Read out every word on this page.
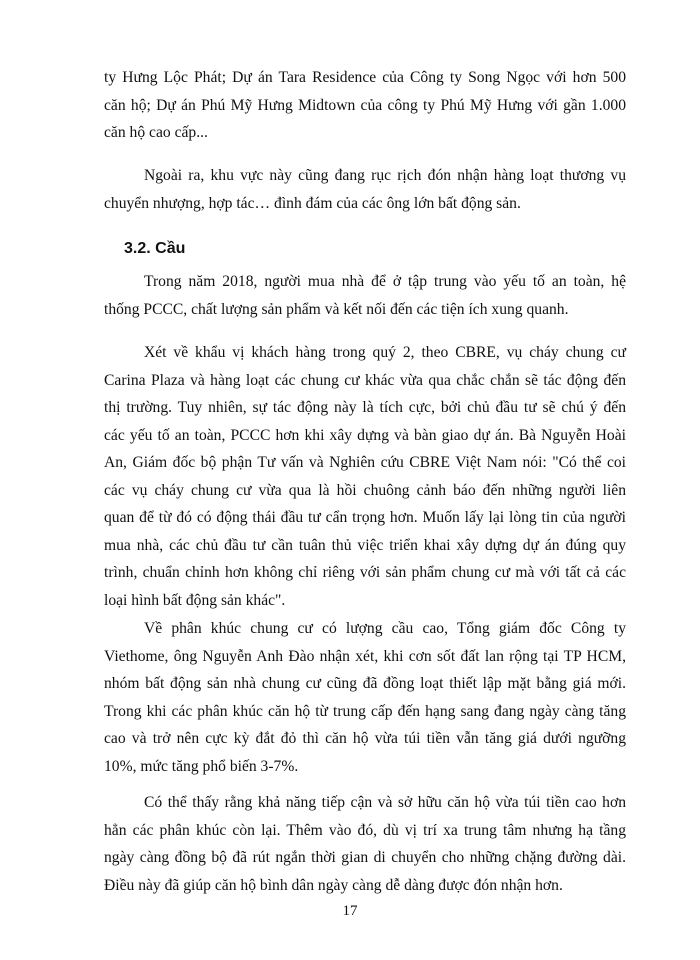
ty Hưng Lộc Phát; Dự án Tara Residence của Công ty Song Ngọc với hơn 500
căn hộ; Dự án Phú Mỹ Hưng Midtown của công ty Phú Mỹ Hưng với gần 1.000
căn hộ cao cấp...
Ngoài ra, khu vực này cũng đang rục rịch đón nhận hàng loạt thương vụ
chuyển nhượng, hợp tác… đình đám của các ông lớn bất động sản.
3.2. Cầu
Trong năm 2018, người mua nhà để ở tập trung vào yếu tố an toàn, hệ
thống PCCC, chất lượng sản phẩm và kết nối đến các tiện ích xung quanh.
Xét về khẩu vị khách hàng trong quý 2, theo CBRE, vụ cháy chung cư
Carina Plaza và hàng loạt các chung cư khác vừa qua chắc chắn sẽ tác động đến
thị trường. Tuy nhiên, sự tác động này là tích cực, bởi chủ đầu tư sẽ chú ý đến
các yếu tố an toàn, PCCC hơn khi xây dựng và bàn giao dự án. Bà Nguyễn Hoài
An, Giám đốc bộ phận Tư vấn và Nghiên cứu CBRE Việt Nam nói: "Có thể coi
các vụ cháy chung cư vừa qua là hồi chuông cảnh báo đến những người liên
quan để từ đó có động thái đầu tư cẩn trọng hơn. Muốn lấy lại lòng tin của người
mua nhà, các chủ đầu tư cần tuân thủ việc triển khai xây dựng dự án đúng quy
trình, chuẩn chỉnh hơn không chỉ riêng với sản phẩm chung cư mà với tất cả các
loại hình bất động sản khác".
Về phân khúc chung cư có lượng cầu cao, Tổng giám đốc Công ty
Viethome, ông Nguyễn Anh Đào nhận xét, khi cơn sốt đất lan rộng tại TP HCM,
nhóm bất động sản nhà chung cư cũng đã đồng loạt thiết lập mặt bằng giá mới.
Trong khi các phân khúc căn hộ từ trung cấp đến hạng sang đang ngày càng tăng
cao và trở nên cực kỳ đắt đỏ thì căn hộ vừa túi tiền vẫn tăng giá dưới ngưỡng
10%, mức tăng phổ biến 3-7%.
Có thể thấy rằng khả năng tiếp cận và sở hữu căn hộ vừa túi tiền cao hơn
hẳn các phân khúc còn lại. Thêm vào đó, dù vị trí xa trung tâm nhưng hạ tầng
ngày càng đồng bộ đã rút ngắn thời gian di chuyển cho những chặng đường dài.
Điều này đã giúp căn hộ bình dân ngày càng dễ dàng được đón nhận hơn.
17
